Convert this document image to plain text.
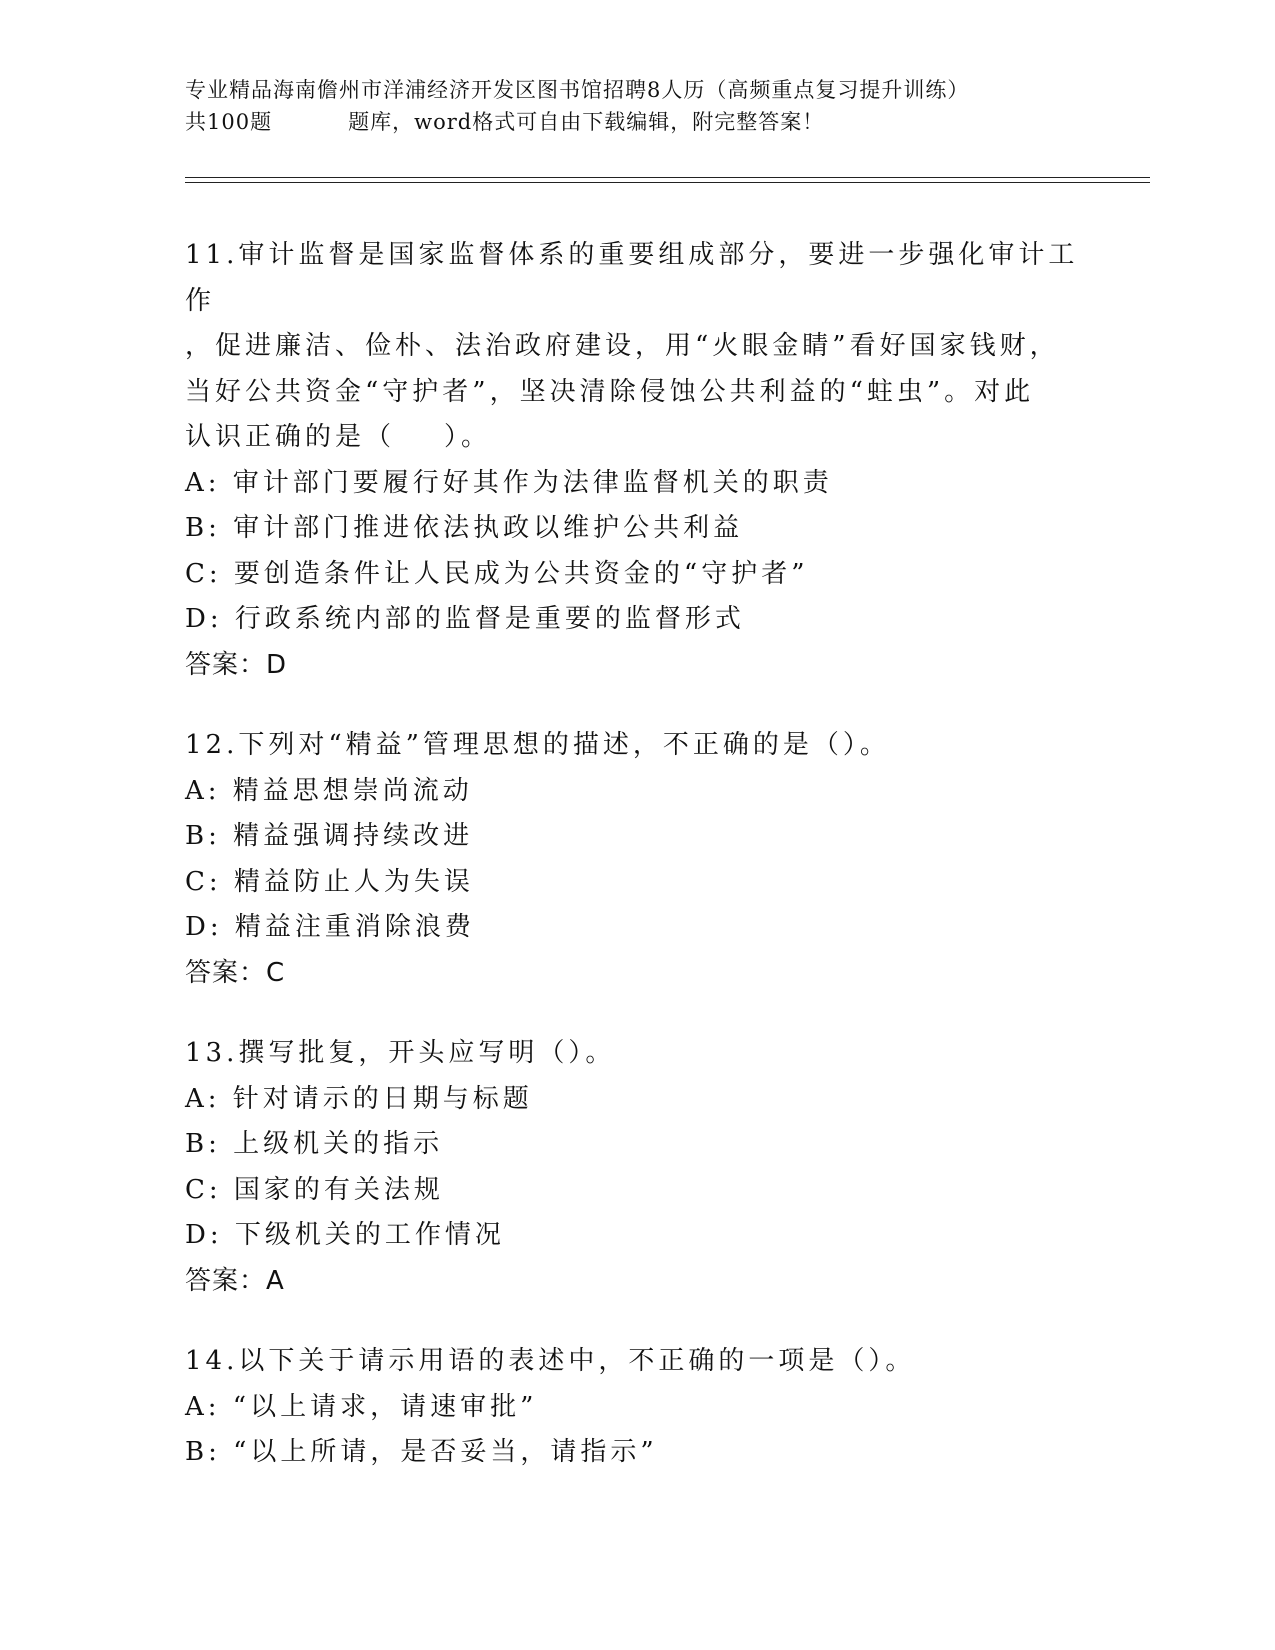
专业精品海南儋州市洋浦经济开发区图书馆招聘8人历（高频重点复习提升训练）

共100题	题库，word格式可自由下载编辑，附完整答案！

11.审计监督是国家监督体系的重要组成部分，要进一步强化审计工作

，促进廉洁、俭朴、法治政府建设，用“火眼金睛”看好国家钱财，

当好公共资金“守护者”，坚决清除侵蚀公共利益的“蛀虫”。对此

认识正确的是（    ）。

A: 审计部门要履行好其作为法律监督机关的职责

B: 审计部门推进依法执政以维护公共利益

C: 要创造条件让人民成为公共资金的“守护者”

D: 行政系统内部的监督是重要的监督形式

答案：D

12.下列对“精益”管理思想的描述，不正确的是（）。

A: 精益思想崇尚流动

B: 精益强调持续改进

C: 精益防止人为失误

D: 精益注重消除浪费

答案：C

13.撰写批复，开头应写明（）。

A: 针对请示的日期与标题

B: 上级机关的指示

C: 国家的有关法规

D: 下级机关的工作情况

答案：A

14.以下关于请示用语的表述中，不正确的一项是（）。

A: “以上请求，请速审批”

B: “以上所请，是否妥当，请指示”
